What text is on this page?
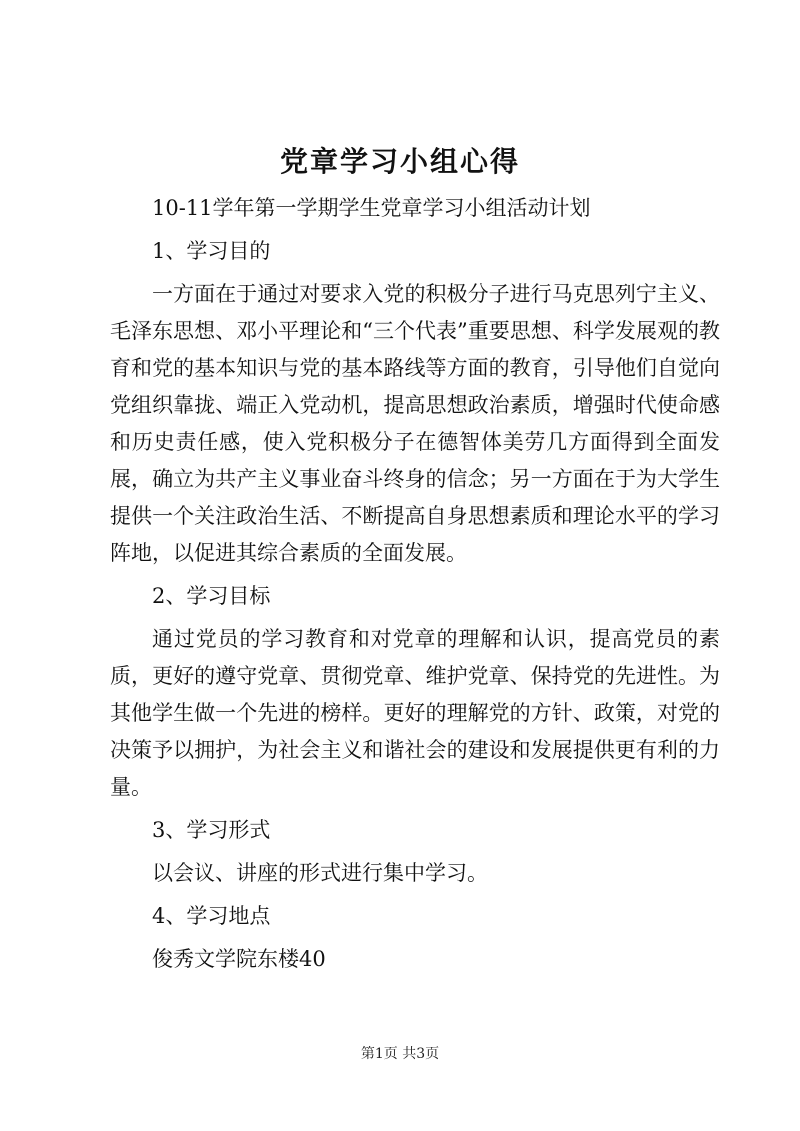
党章学习小组心得

10-11学年第一学期学生党章学习小组活动计划

1、学习目的

一方面在于通过对要求入党的积极分子进行马克思列宁主义、毛泽东思想、邓小平理论和“三个代表”重要思想、科学发展观的教育和党的基本知识与党的基本路线等方面的教育，引导他们自觉向党组织靠拢、端正入党动机，提高思想政治素质，增强时代使命感和历史责任感，使入党积极分子在德智体美劳几方面得到全面发展，确立为共产主义事业奋斗终身的信念；另一方面在于为大学生提供一个关注政治生活、不断提高自身思想素质和理论水平的学习阵地，以促进其综合素质的全面发展。

2、学习目标

通过党员的学习教育和对党章的理解和认识，提高党员的素质，更好的遵守党章、贯彻党章、维护党章、保持党的先进性。为其他学生做一个先进的榜样。更好的理解党的方针、政策，对党的决策予以拥护，为社会主义和谐社会的建设和发展提供更有利的力量。

3、学习形式

以会议、讲座的形式进行集中学习。

4、学习地点

俊秀文学院东楼40

第1页 共3页
